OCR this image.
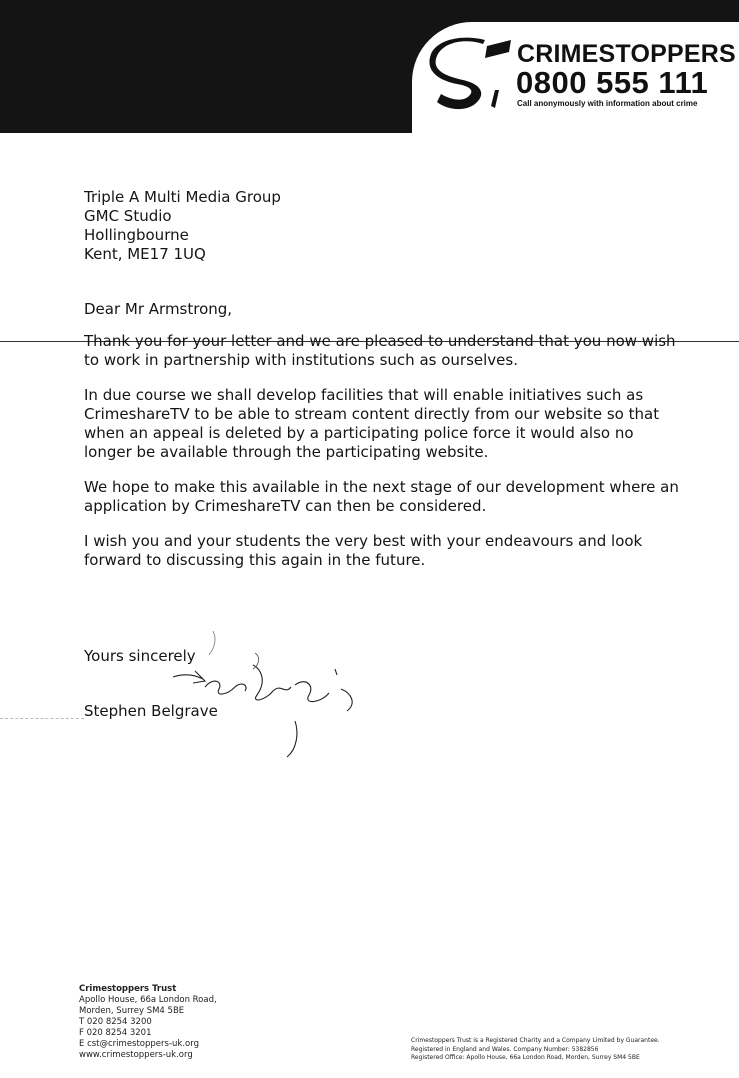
CRIMESTOPPERS
0800 555 111
Call anonymously with information about crime
Triple A Multi Media Group
GMC Studio
Hollingbourne
Kent, ME17 1UQ
Dear Mr Armstrong,
Thank you for your letter and we are pleased to understand that you now wish
to work in partnership with institutions such as ourselves.
In due course we shall develop facilities that will enable initiatives such as
CrimeshareTV to be able to stream content directly from our website so that
when an appeal is deleted by a participating police force it would also no
longer be available through the participating website.
We hope to make this available in the next stage of our development where an
application by CrimeshareTV can then be considered.
I wish you and your students the very best with your endeavours and look
forward to discussing this again in the future.
Yours sincerely
Stephen Belgrave
Crimestoppers Trust
Apollo House, 66a London Road,
Morden, Surrey SM4 5BE
T 020 8254 3200
F 020 8254 3201
E cst@crimestoppers-uk.org
www.crimestoppers-uk.org
Crimestoppers Trust is a Registered Charity and a Company Limited by Guarantee.
Registered in England and Wales. Company Number: 5382856
Registered Office: Apollo House, 66a London Road, Morden, Surrey SM4 5BE
